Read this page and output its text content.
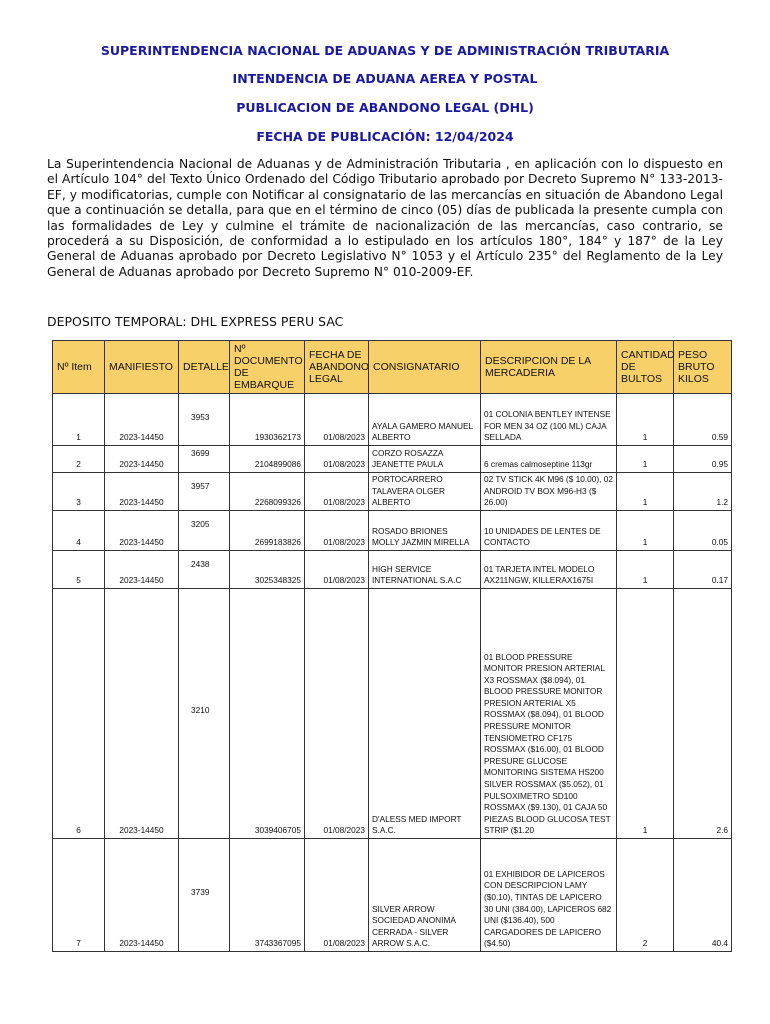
SUPERINTENDENCIA NACIONAL DE ADUANAS Y DE ADMINISTRACIÓN TRIBUTARIA
INTENDENCIA DE ADUANA AEREA Y POSTAL
PUBLICACION DE ABANDONO LEGAL (DHL)
FECHA DE PUBLICACIÓN: 12/04/2024
La Superintendencia Nacional de Aduanas y de Administración Tributaria , en aplicación con lo dispuesto en el Artículo 104° del Texto Único Ordenado del Código Tributario aprobado por Decreto Supremo N° 133-2013-EF, y modificatorias, cumple con Notificar al consignatario de las mercancías en situación de Abandono Legal que a continuación se detalla, para que en el término de cinco (05) días de publicada la presente cumpla con las formalidades de Ley y culmine el trámite de nacionalización de las mercancías, caso contrario, se procederá a su Disposición, de conformidad a lo estipulado en los artículos 180°, 184° y 187° de la Ley General de Aduanas aprobado por Decreto Legislativo N° 1053 y el Artículo 235° del Reglamento de la Ley General de Aduanas aprobado por Decreto Supremo N° 010-2009-EF.
DEPOSITO TEMPORAL: DHL EXPRESS PERU SAC
Nº Item	MANIFIESTO	DETALLE	Nº DOCUMENTO DE EMBARQUE	FECHA DE ABANDONO LEGAL	CONSIGNATARIO	DESCRIPCION DE LA MERCADERIA	CANTIDAD DE BULTOS	PESO BRUTO KILOS
1	2023-14450	3953	1930362173	01/08/2023	AYALA GAMERO MANUEL ALBERTO	01 COLONIA BENTLEY INTENSE FOR MEN 34 OZ (100 ML) CAJA SELLADA	1	0.59
2	2023-14450	3699	2104899086	01/08/2023	CORZO ROSAZZA JEANETTE PAULA	6 cremas calmoseptine 113gr	1	0.95
3	2023-14450	3957	2268099326	01/08/2023	PORTOCARRERO TALAVERA OLGER ALBERTO	02 TV STICK 4K M96 ($ 10.00), 02 ANDROID TV BOX M96-H3 ($ 26.00)	1	1.2
4	2023-14450	3205	2699183826	01/08/2023	ROSADO BRIONES MOLLY JAZMIN MIRELLA	10 UNIDADES DE LENTES DE CONTACTO	1	0.05
5	2023-14450	2438	3025348325	01/08/2023	HIGH SERVICE INTERNATIONAL S.A.C	01 TARJETA INTEL MODELO AX211NGW, KILLERAX1675I	1	0.17
6	2023-14450	3210	3039406705	01/08/2023	D'ALESS MED IMPORT S.A.C.	01 BLOOD PRESSURE MONITOR PRESION ARTERIAL X3 ROSSMAX ($8.094), 01 BLOOD PRESSURE MONITOR PRESION ARTERIAL X5 ROSSMAX ($8.094), 01 BLOOD PRESSURE MONITOR TENSIOMETRO CF175 ROSSMAX ($16.00), 01 BLOOD PRESURE GLUCOSE MONITORING SISTEMA HS200 SILVER ROSSMAX ($5.052), 01 PULSOXIMETRO SD100 ROSSMAX ($9.130), 01 CAJA 50 PIEZAS BLOOD GLUCOSA TEST STRIP ($1.20	1	2.6
7	2023-14450	3739	3743367095	01/08/2023	SILVER ARROW SOCIEDAD ANONIMA CERRADA - SILVER ARROW S.A.C.	01 EXHIBIDOR DE LAPICEROS CON DESCRIPCION LAMY ($0.10), TINTAS DE LAPICERO 30 UNI (384.00), LAPICEROS 682 UNI ($136.40), 500 CARGADORES DE LAPICERO ($4.50)	2	40.4
